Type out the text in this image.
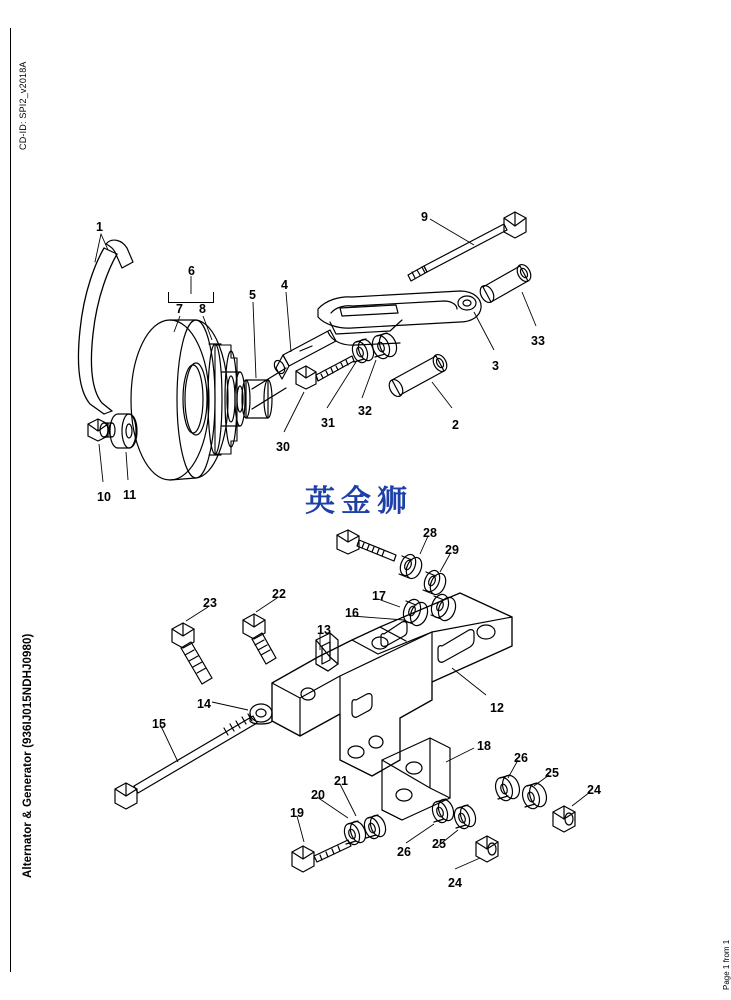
CD-ID: SPI2_v2018A
Alternator & Generator (936IJ015NDHJ0980)
Page 1 from 1
1
6
7 8
5
4
9
33
3
2
32
31
30
10 11
28
29
17
16
22
23
13
12
14
15
18
26
25
24
21
20
19
26
25
24
英金狮
